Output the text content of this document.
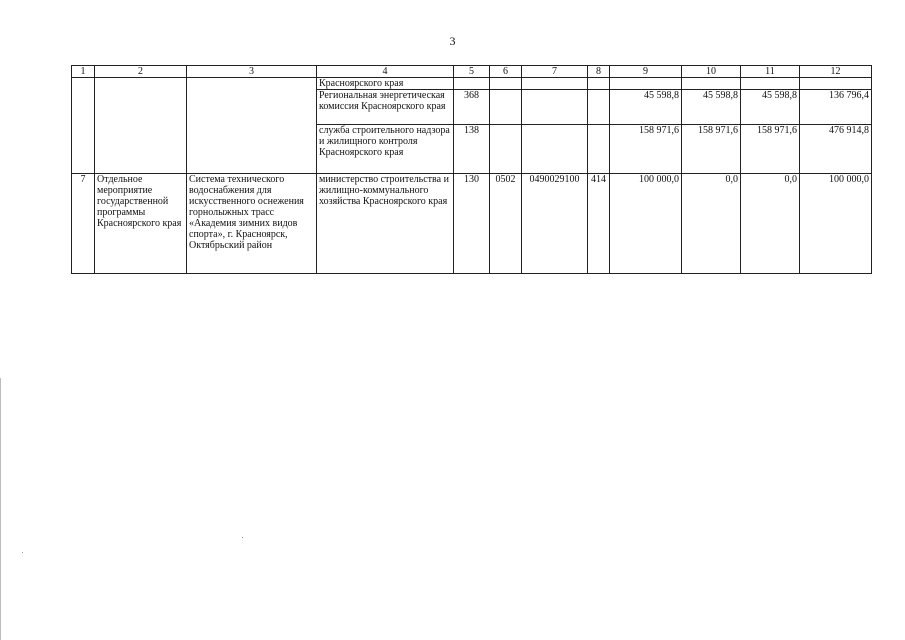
3
1	2	3	4	5	6	7	8	9	10	11	12
			Красноярского края								
			Региональная энергетическая комиссия Красноярского края	368				45 598,8	45 598,8	45 598,8	136 796,4
			служба строительного надзора и жилищного контроля Красноярского края	138				158 971,6	158 971,6	158 971,6	476 914,8
7	Отдельное мероприятие государственной программы Красноярского края	Система технического водоснабжения для искусственного оснежения горнолыжных трасс «Академия зимних видов спорта», г. Красноярск, Октябрьский район	министерство строительства и жилищно-коммунального хозяйства Красноярского края	130	0502	0490029100	414	100 000,0	0,0	0,0	100 000,0
